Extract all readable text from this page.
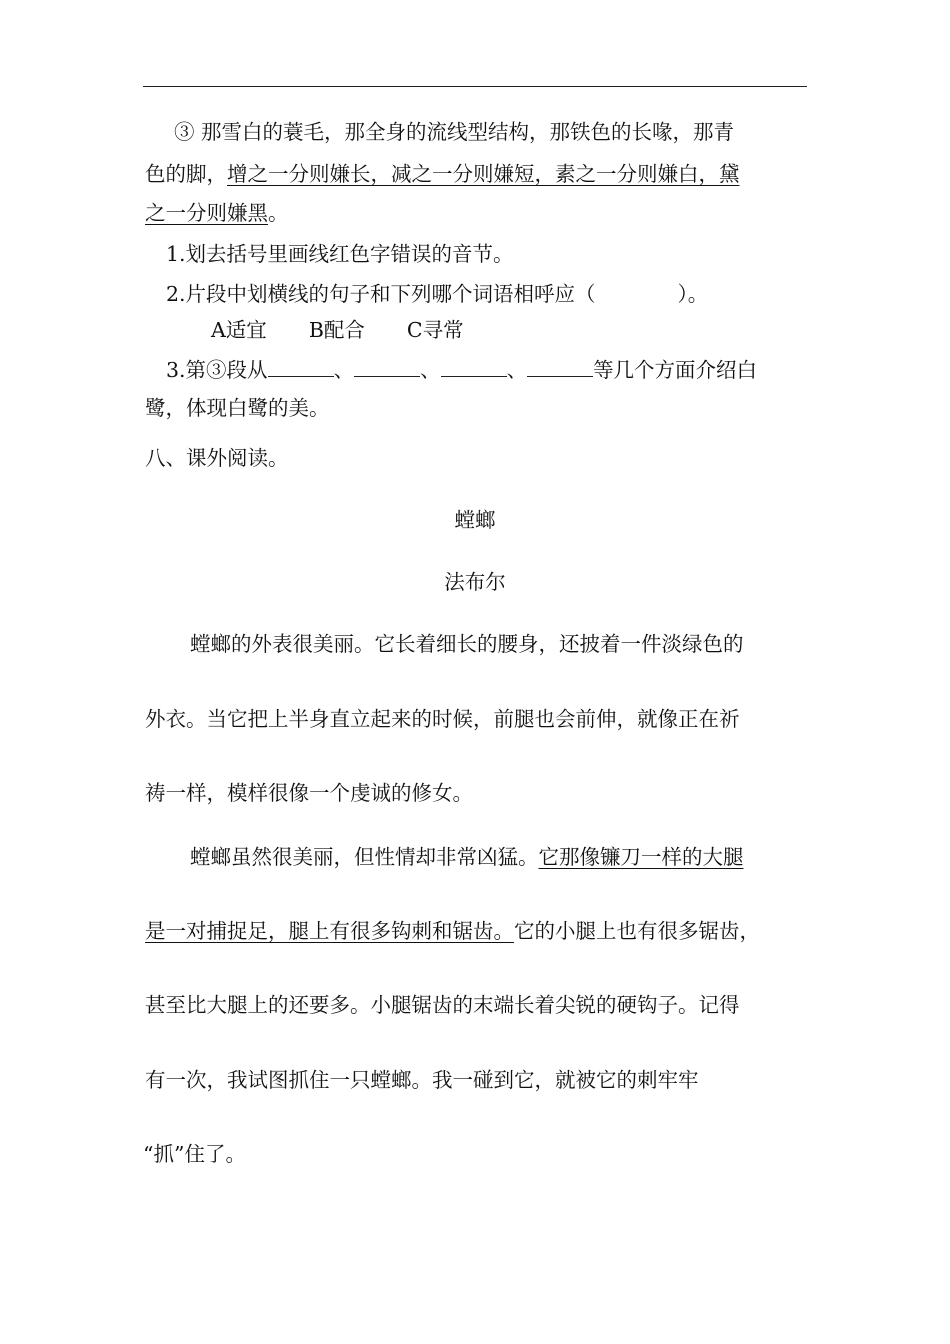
③ 那雪白的蓑毛，那全身的流线型结构，那铁色的长喙，那青
色的脚，增之一分则嫌长，减之一分则嫌短，素之一分则嫌白，黛
之一分则嫌黑。
1.划去括号里画线红色字错误的音节。
2.片段中划横线的句子和下列哪个词语相呼应（　　　　）。
A适宜 B配合 C寻常
3.第③段从	、	、	、	等几个方面介绍白
鹭，体现白鹭的美。
八、课外阅读。
螳螂
法布尔
螳螂的外表很美丽。它长着细长的腰身，还披着一件淡绿色的
外衣。当它把上半身直立起来的时候，前腿也会前伸，就像正在祈
祷一样，模样很像一个虔诚的修女。
螳螂虽然很美丽，但性情却非常凶猛。它那像镰刀一样的大腿
是一对捕捉足，腿上有很多钩刺和锯齿。它的小腿上也有很多锯齿，
甚至比大腿上的还要多。小腿锯齿的末端长着尖锐的硬钩子。记得
有一次，我试图抓住一只螳螂。我一碰到它，就被它的刺牢牢
“抓”住了。
